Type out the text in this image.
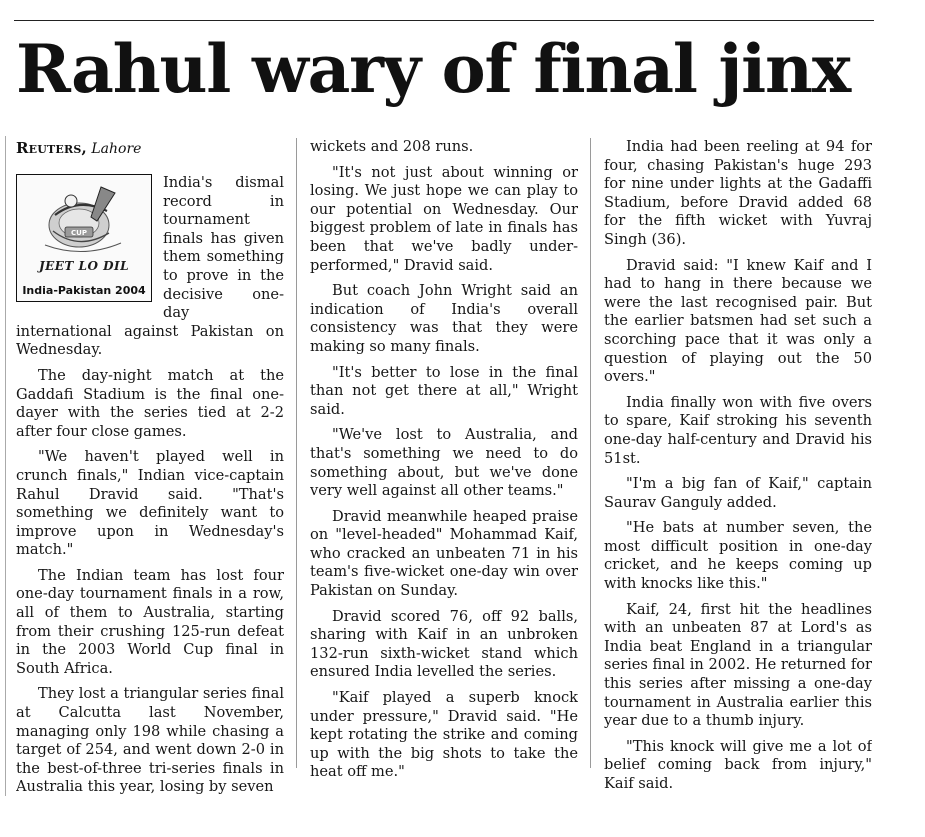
Rahul wary of final jinx
Reuters, Lahore
CUP
JEET LO DIL
India-Pakistan 2004

India's dismal record in tournament finals has given them something to prove in the decisive one-day international against Pakistan on Wednesday.

The day-night match at the Gaddafi Stadium is the final one-dayer with the series tied at 2-2 after four close games.

"We haven't played well in crunch finals," Indian vice-captain Rahul Dravid said. "That's something we definitely want to improve upon in Wednesday's match."

The Indian team has lost four one-day tournament finals in a row, all of them to Australia, starting from their crushing 125-run defeat in the 2003 World Cup final in South Africa.

They lost a triangular series final at Calcutta last November, managing only 198 while chasing a target of 254, and went down 2-0 in the best-of-three tri-series finals in Australia this year, losing by seven

wickets and 208 runs.

"It's not just about winning or losing. We just hope we can play to our potential on Wednesday. Our biggest problem of late in finals has been that we've badly under-performed," Dravid said.

But coach John Wright said an indication of India's overall consistency was that they were making so many finals.

"It's better to lose in the final than not get there at all," Wright said.

"We've lost to Australia, and that's something we need to do something about, but we've done very well against all other teams."

Dravid meanwhile heaped praise on "level-headed" Mohammad Kaif, who cracked an unbeaten 71 in his team's five-wicket one-day win over Pakistan on Sunday.

Dravid scored 76, off 92 balls, sharing with Kaif in an unbroken 132-run sixth-wicket stand which ensured India levelled the series.

"Kaif played a superb knock under pressure," Dravid said. "He kept rotating the strike and coming up with the big shots to take the heat off me."

India had been reeling at 94 for four, chasing Pakistan's huge 293 for nine under lights at the Gadaffi Stadium, before Dravid added 68 for the fifth wicket with Yuvraj Singh (36).

Dravid said: "I knew Kaif and I had to hang in there because we were the last recognised pair. But the earlier batsmen had set such a scorching pace that it was only a question of playing out the 50 overs."

India finally won with five overs to spare, Kaif stroking his seventh one-day half-century and Dravid his 51st.

"I'm a big fan of Kaif," captain Saurav Ganguly added.

"He bats at number seven, the most difficult position in one-day cricket, and he keeps coming up with knocks like this."

Kaif, 24, first hit the headlines with an unbeaten 87 at Lord's as India beat England in a triangular series final in 2002. He returned for this series after missing a one-day tournament in Australia earlier this year due to a thumb injury.

"This knock will give me a lot of belief coming back from injury," Kaif said.
